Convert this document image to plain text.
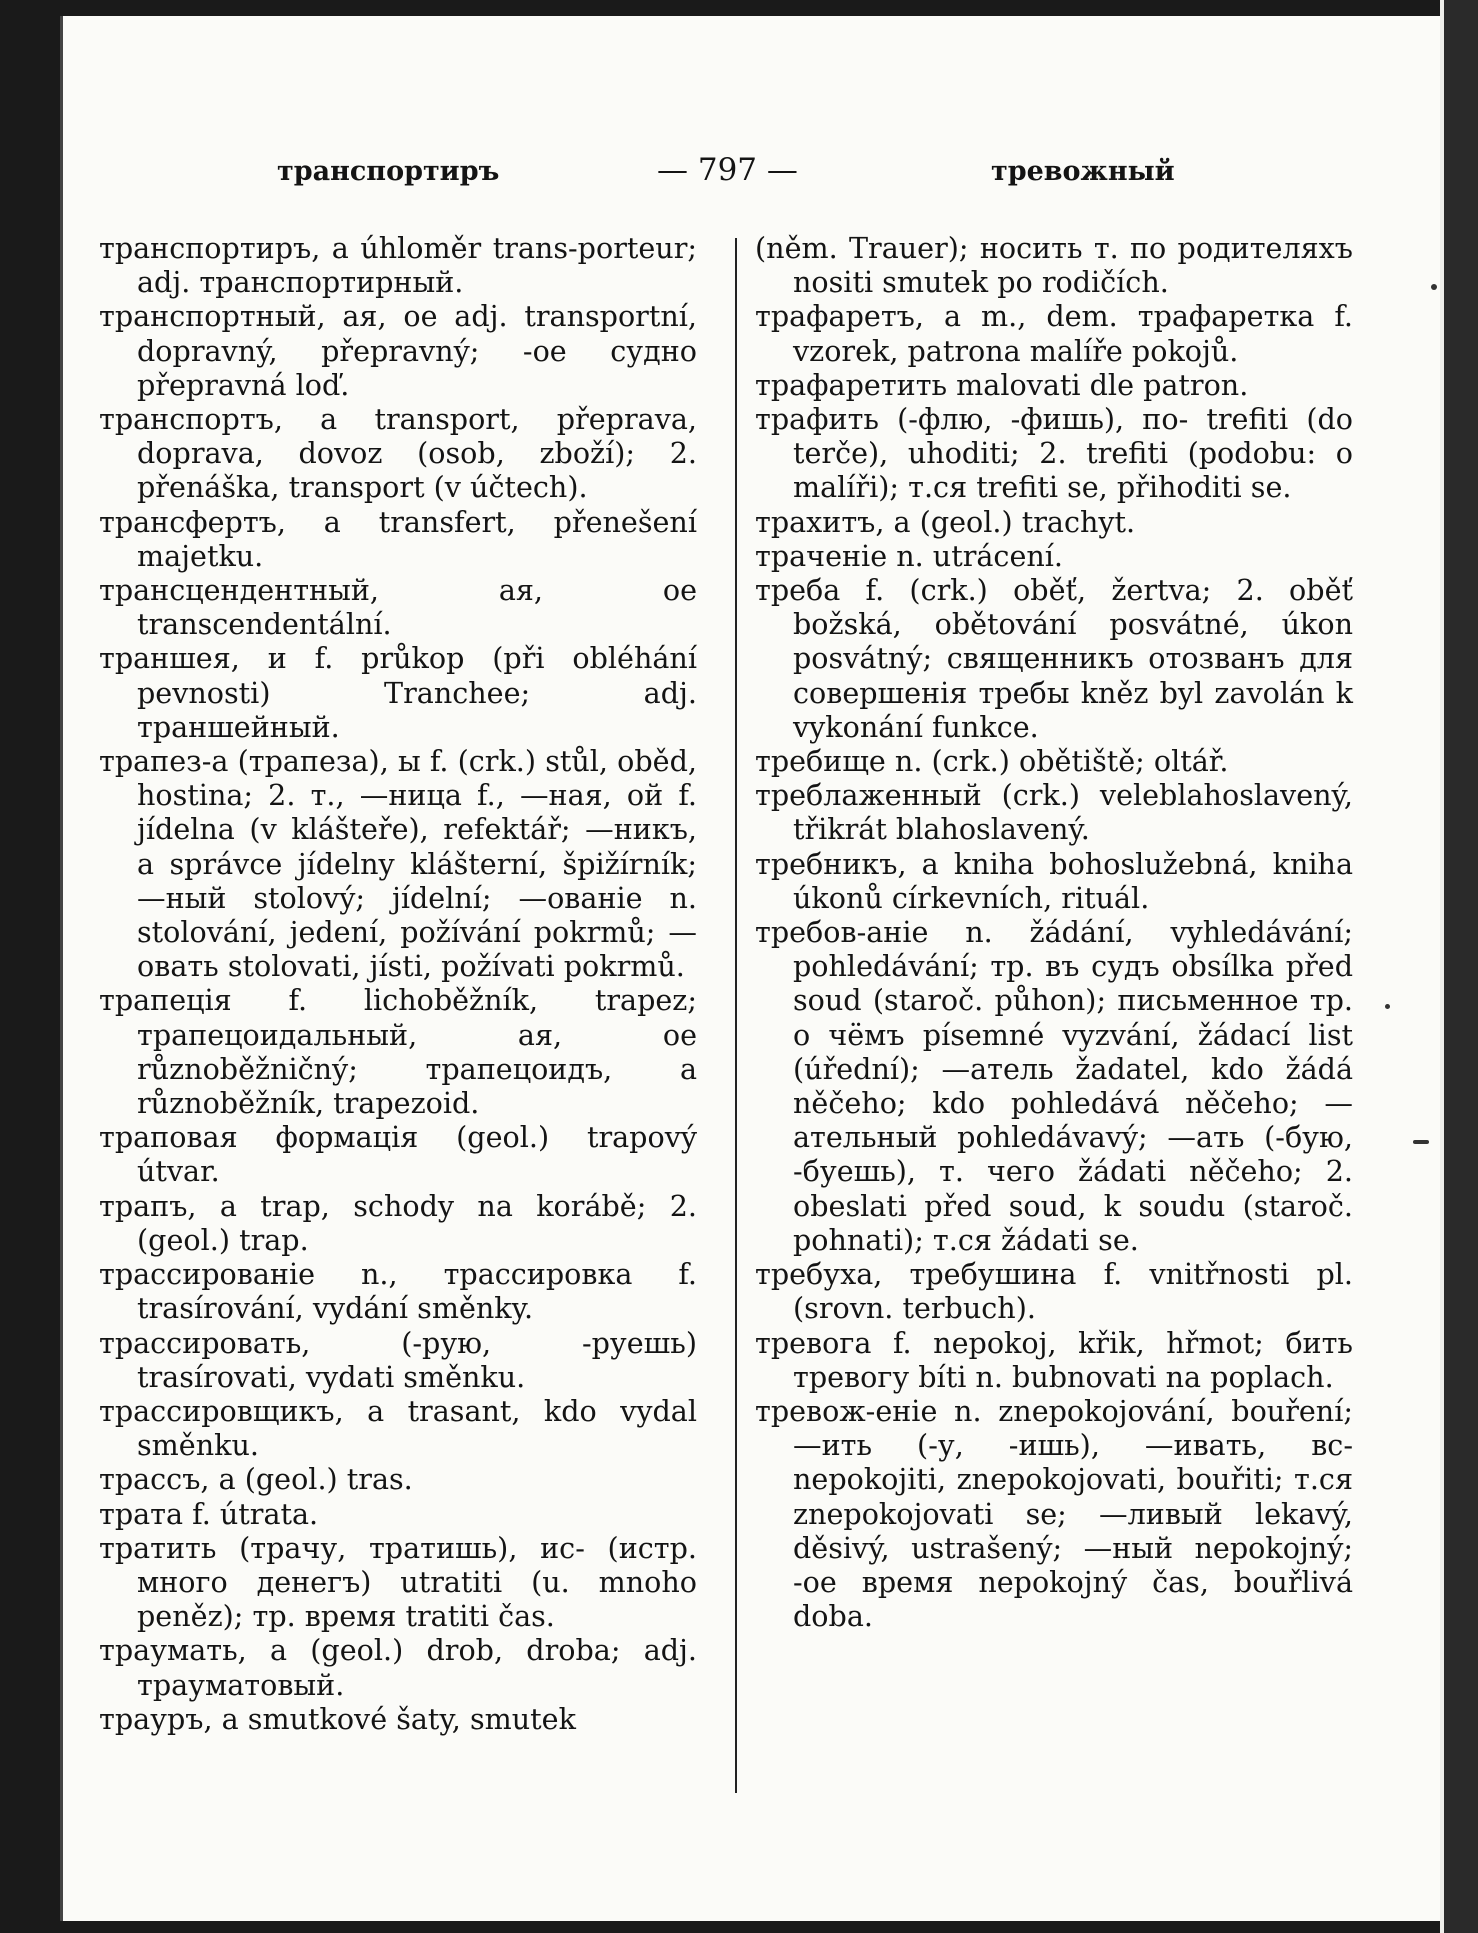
транспортиръ	— 797 —	тревожный

транспортиръ, a úhloměr trans-porteur; adj. транспортирный.

транспортный, ая, ое adj. transportní, dopravný, přepravný; -ое судно přepravná loď.

транспортъ, a transport, přeprava, doprava, dovoz (osob, zboží); 2. přenáška, transport (v účtech).

трансфертъ, a transfert, přenešení majetku.

трансцендентный, ая, ое transcendentální.

траншея, и f. průkop (při obléhání pevnosti) Tranchee; adj. траншейный.

трапез-а (трапеза), ы f. (crk.) stůl, oběd, hostina; 2. т., —ница f., —ная, ой f. jídelna (v klášteře), refektář; —никъ, a správce jídelny klášterní, špižírník; —ный stolový; jídelní; —ованіе n. stolování, jedení, požívání pokrmů; —овать stolovati, jísti, požívati pokrmů.

трапеція f. lichoběžník, trapez; трапецоидальный, ая, ое různoběžničný; трапецоидъ, a různoběžník, trapezoid.

траповая формація (geol.) trapový útvar.

трапъ, a trap, schody na korábě; 2. (geol.) trap.

трассированіе n., трассировка f. trasírování, vydání směnky.

трассировать, (-рую, -руешь) trasírovati, vydati směnku.

трассировщикъ, a trasant, kdo vydal směnku.

трассъ, a (geol.) tras.

трата f. útrata.

тратить (трачу, тратишь), ис- (истр. много денегъ) utratiti (u. mnoho peněz); тр. время tratiti čas.

траумать, a (geol.) drob, droba; adj. трауматовый.

трауръ, a smutkové šaty, smutek

(něm. Trauer); носить т. по родителяхъ nositi smutek po rodičích.

трафаретъ, a m., dem. трафаретка f. vzorek, patrona malíře pokojů.

трафаретить malovati dle patron.

трафить (-флю, -фишь), по- trefiti (do terče), uhoditi; 2. trefiti (podobu: o malíři); т.ся trefiti se, přihoditi se.

трахитъ, a (geol.) trachyt.

траченіе n. utrácení.

треба f. (crk.) oběť, žertva; 2. oběť božská, obětování posvátné, úkon posvátný; священникъ отозванъ для совершенія требы kněz byl zavolán k vykonání funkce.

требище n. (crk.) obětiště; oltář.

треблаженный (crk.) veleblahoslavený, třikrát blahoslavený.

требникъ, a kniha bohoslužebná, kniha úkonů církevních, rituál.

требов-аніе n. žádání, vyhledávání; pohledávání; тр. въ судъ obsílka před soud (staroč. půhon); письменное тр. о чёмъ písemné vyzvání, žádací list (úřední); —атель žadatel, kdo žádá něčeho; kdo pohledává něčeho; —ательный pohledávavý; —ать (-бую, -буешь), т. чего žádati něčeho; 2. obeslati před soud, k soudu (staroč. pohnati); т.ся žádati se.

требуха, требушина f. vnitřnosti pl. (srovn. terbuch).

тревога f. nepokoj, křik, hřmot; бить тревогу bíti n. bubnovati na poplach.

тревож-еніе n. znepokojování, bouření; —ить (-у, -ишь), —ивать, вс- nepokojiti, znepokojovati, bouřiti; т.ся znepokojovati se; —ливый lekavý, děsivý, ustrašený; —ный nepokojný; -ое время nepokojný čas, bouřlivá doba.
